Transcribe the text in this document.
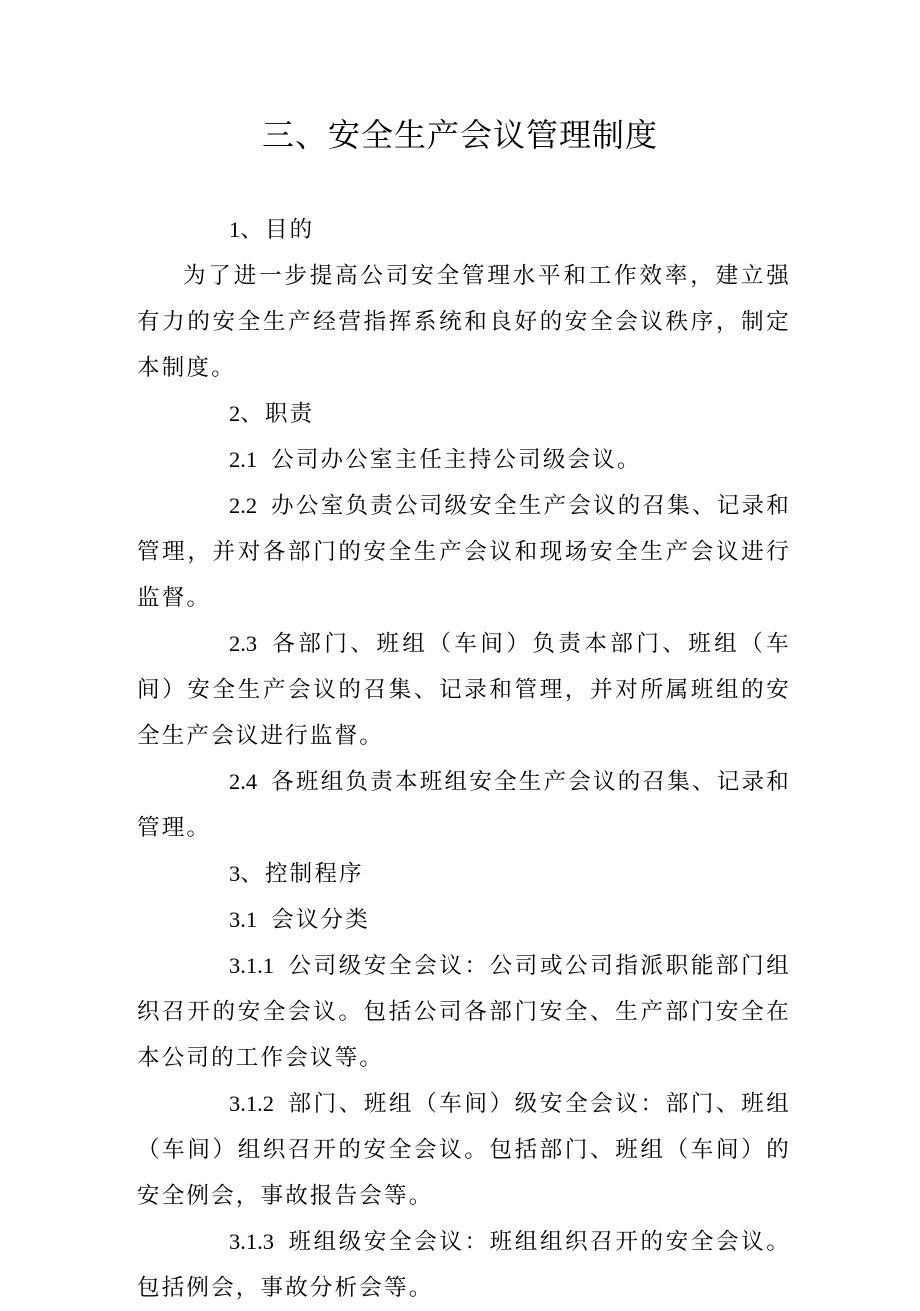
三、安全生产会议管理制度

1、目的

为了进一步提高公司安全管理水平和工作效率，建立强有力的安全生产经营指挥系统和良好的安全会议秩序，制定本制度。

2、职责

2.1 公司办公室主任主持公司级会议。

2.2 办公室负责公司级安全生产会议的召集、记录和管理，并对各部门的安全生产会议和现场安全生产会议进行监督。

2.3 各部门、班组（车间）负责本部门、班组（车间）安全生产会议的召集、记录和管理，并对所属班组的安全生产会议进行监督。

2.4 各班组负责本班组安全生产会议的召集、记录和管理。

3、控制程序

3.1 会议分类

3.1.1 公司级安全会议：公司或公司指派职能部门组织召开的安全会议。包括公司各部门安全、生产部门安全在本公司的工作会议等。

3.1.2 部门、班组（车间）级安全会议：部门、班组（车间）组织召开的安全会议。包括部门、班组（车间）的安全例会，事故报告会等。

3.1.3 班组级安全会议：班组组织召开的安全会议。包括例会，事故分析会等。
